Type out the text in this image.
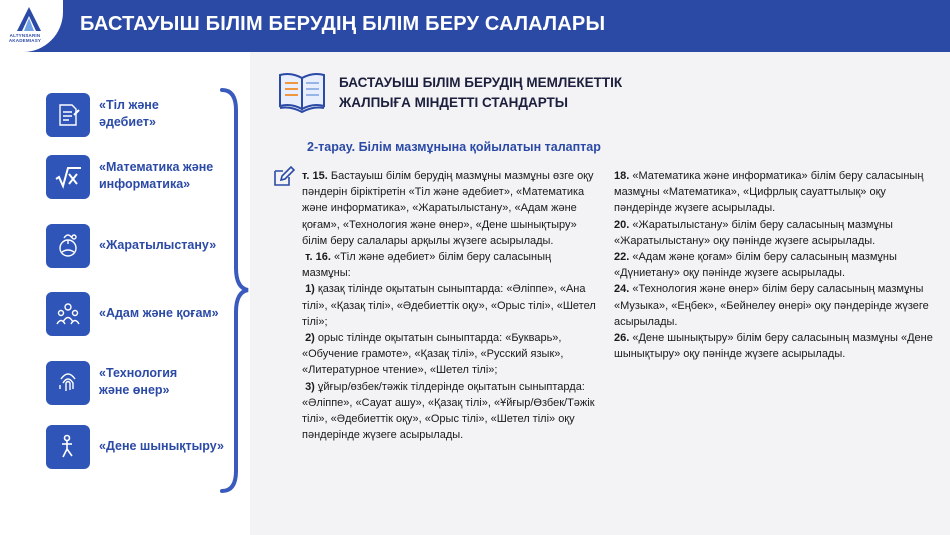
ALTYNSARIN AKADEMIASY
БАСТАУЫШ БІЛІМ БЕРУДІҢ БІЛІМ БЕРУ САЛАЛАРЫ
«Тіл және
әдебиет»
«Математика және
информатика»
«Жаратылыстану»
«Адам және қоғам»
«Технология
және өнер»
«Дене шынықтыру»
БАСТАУЫШ БІЛІМ БЕРУДІҢ МЕМЛЕКЕТТІК
ЖАЛПЫҒА МІНДЕТТІ СТАНДАРТЫ
2-тарау. Білім мазмұнына қойылатын талаптар

т. 15. Бастауыш білім берудің мазмұны мазмұны өзге оқу пәндерін біріктіретін «Тіл және әдебиет», «Математика және информатика», «Жаратылыстану», «Адам және қоғам», «Технология және өнер», «Дене шынықтыру» білім беру салалары арқылы жүзеге асырылады.

т. 16. «Тіл және әдебиет» білім беру саласының мазмұны:

1) қазақ тілінде оқытатын сыныптарда: «Әліппе», «Ана тілі», «Қазақ тілі», «Әдебиеттік оқу», «Орыс тілі», «Шетел тілі»;

2) орыс тілінде оқытатын сыныптарда: «Букварь», «Обучение грамоте», «Қазақ тілі», «Русский язык», «Литературное чтение», «Шетел тілі»;

3) ұйғыр/өзбек/тәжік тілдерінде оқытатын сыныптарда: «Әліппе», «Сауат ашу», «Қазақ тілі», «Ұйғыр/Өзбек/Тәжік тілі», «Әдебиеттік оқу», «Орыс тілі», «Шетел тілі» оқу пәндерінде жүзеге асырылады.

18. «Математика және информатика» білім беру саласының мазмұны «Математика», «Цифрлық сауаттылық» оқу пәндерінде жүзеге асырылады.

20. «Жаратылыстану» білім беру саласының мазмұны «Жаратылыстану» оқу пәнінде жүзеге асырылады.

22. «Адам және қоғам» білім беру саласының мазмұны «Дүниетану» оқу пәнінде жүзеге асырылады.

24. «Технология және өнер» білім беру саласының мазмұны «Музыка», «Еңбек», «Бейнелеу өнері» оқу пәндерінде жүзеге асырылады.

26. «Дене шынықтыру» білім беру саласының мазмұны «Дене шынықтыру» оқу пәнінде жүзеге асырылады.
